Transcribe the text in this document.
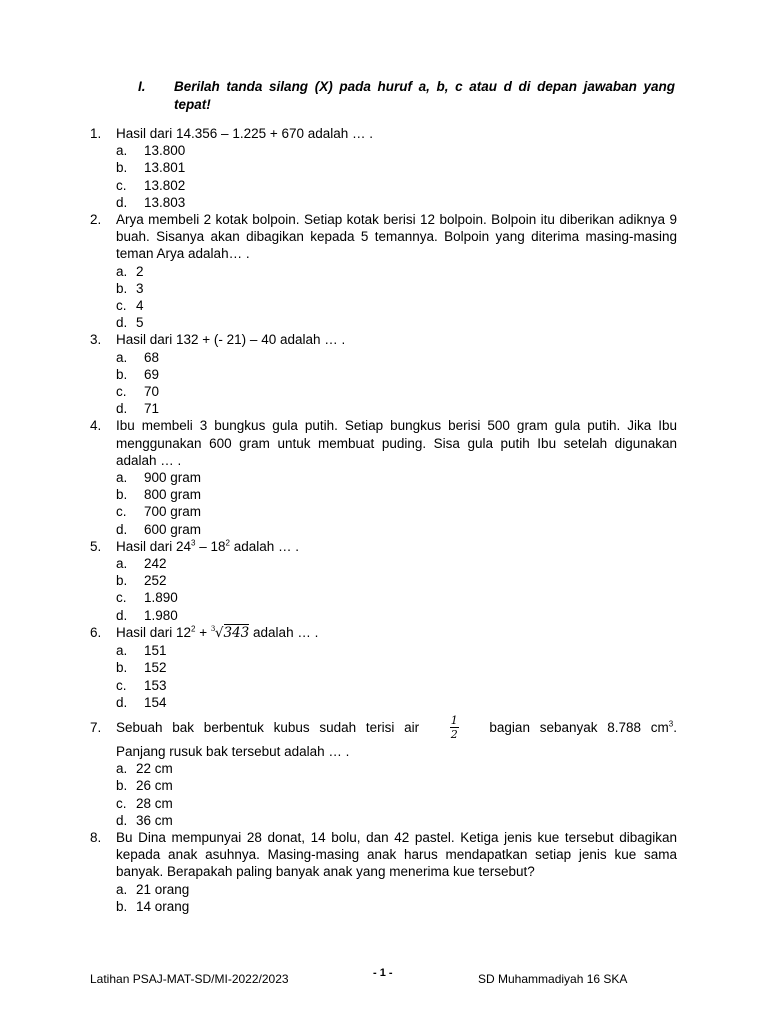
I. Berilah tanda silang (X) pada huruf a, b, c atau d di depan jawaban yang tepat!
1. Hasil dari 14.356 – 1.225 + 670 adalah … .
a.	13.800
b.	13.801
c.	13.802
d.	13.803
2. Arya membeli 2 kotak bolpoin. Setiap kotak berisi 12 bolpoin. Bolpoin itu diberikan adiknya 9 buah. Sisanya akan dibagikan kepada 5 temannya. Bolpoin yang diterima masing-masing teman Arya adalah… .
a. 2
b. 3
c. 4
d. 5
3. Hasil dari 132 + (- 21) – 40 adalah … .
a.	68
b.	69
c.	70
d.	71
4. Ibu membeli 3 bungkus gula putih. Setiap bungkus berisi 500 gram gula putih. Jika Ibu menggunakan 600 gram untuk membuat puding. Sisa gula putih Ibu setelah digunakan adalah … .
a.	900 gram
b.	800 gram
c.	700 gram
d.	600 gram
5. Hasil dari $24^3 - 18^2$ adalah … .
a.	242
b.	252
c.	1.890
d.	1.980
6. Hasil dari $12^2 + 3$ √343 adalah … .
a.	151
b.	152
c.	153
d.	154
7. Sebuah bak berbentuk kubus sudah terisi air	$\frac{1}{2}$ bagian sebanyak 8.788 $cm^3$.
Panjang rusuk bak tersebut adalah … .
a. 22 cm
b. 26 cm
c. 28 cm
d. 36 cm
8. Bu Dina mempunyai 28 donat, 14 bolu, dan 42 pastel. Ketiga jenis kue tersebut dibagikan kepada anak asuhnya. Masing-masing anak harus mendapatkan setiap jenis kue sama banyak. Berapakah paling banyak anak yang menerima kue tersebut?
a. 21 orang
b. 14 orang
Latihan PSAJ-MAT-SD/MI-2022/2023	- 1 -	SD Muhammadiyah 16 SKA
